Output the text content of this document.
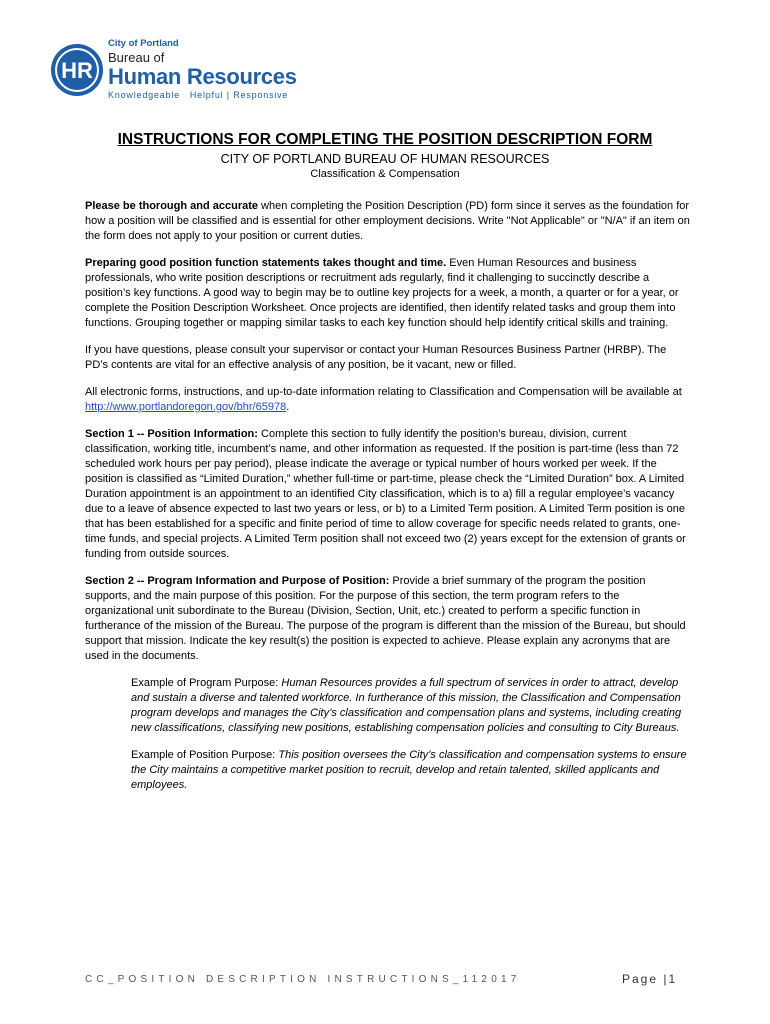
HR
City of Portland
Bureau of
Human Resources
Knowledgeable   Helpful | Responsive
INSTRUCTIONS FOR COMPLETING THE POSITION DESCRIPTION FORM
CITY OF PORTLAND BUREAU OF HUMAN RESOURCES
Classification & Compensation

Please be thorough and accurate when completing the Position Description (PD) form since it serves as the foundation for how a position will be classified and is essential for other employment decisions. Write "Not Applicable" or "N/A" if an item on the form does not apply to your position or current duties.

Preparing good position function statements takes thought and time. Even Human Resources and business professionals, who write position descriptions or recruitment ads regularly, find it challenging to succinctly describe a position’s key functions. A good way to begin may be to outline key projects for a week, a month, a quarter or for a year, or complete the Position Description Worksheet. Once projects are identified, then identify related tasks and group them into functions. Grouping together or mapping similar tasks to each key function should help identify critical skills and training.

If you have questions, please consult your supervisor or contact your Human Resources Business Partner (HRBP). The PD’s contents are vital for an effective analysis of any position, be it vacant, new or filled.

All electronic forms, instructions, and up-to-date information relating to Classification and Compensation will be available at http://www.portlandoregon.gov/bhr/65978.

Section 1 -- Position Information: Complete this section to fully identify the position’s bureau, division, current classification, working title, incumbent’s name, and other information as requested. If the position is part-time (less than 72 scheduled work hours per pay period), please indicate the average or typical number of hours worked per week. If the position is classified as “Limited Duration,” whether full-time or part-time, please check the “Limited Duration” box. A Limited Duration appointment is an appointment to an identified City classification, which is to a) fill a regular employee’s vacancy due to a leave of absence expected to last two years or less, or b) to a Limited Term position. A Limited Term position is one that has been established for a specific and finite period of time to allow coverage for specific needs related to grants, one-time funds, and special projects. A Limited Term position shall not exceed two (2) years except for the extension of grants or funding from outside sources.

Section 2 -- Program Information and Purpose of Position: Provide a brief summary of the program the position supports, and the main purpose of this position. For the purpose of this section, the term program refers to the organizational unit subordinate to the Bureau (Division, Section, Unit, etc.) created to perform a specific function in furtherance of the mission of the Bureau. The purpose of the program is different than the mission of the Bureau, but should support that mission. Indicate the key result(s) the position is expected to achieve. Please explain any acronyms that are used in the documents.

Example of Program Purpose: Human Resources provides a full spectrum of services in order to attract, develop and sustain a diverse and talented workforce. In furtherance of this mission, the Classification and Compensation program develops and manages the City’s classification and compensation plans and systems, including creating new classifications, classifying new positions, establishing compensation policies and consulting to City Bureaus.

Example of Position Purpose: This position oversees the City’s classification and compensation systems to ensure the City maintains a competitive market position to recruit, develop and retain talented, skilled applicants and employees.

CC_POSITION DESCRIPTION INSTRUCTIONS_112017	Page |1
